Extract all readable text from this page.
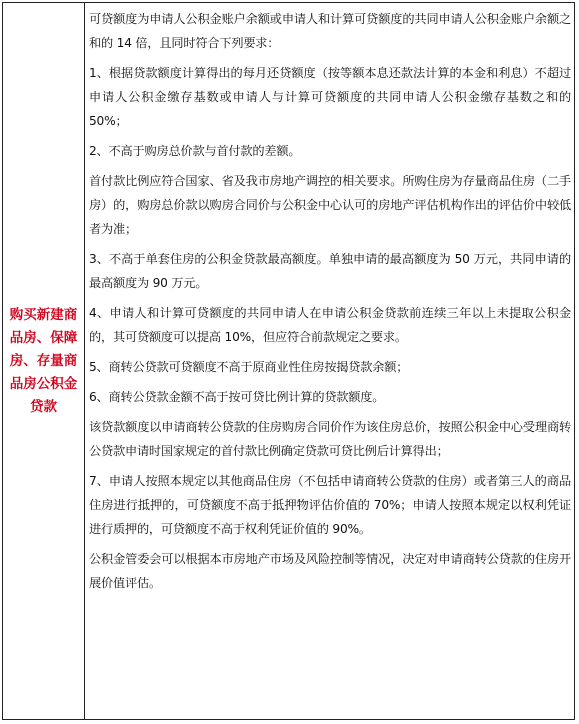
购买新建商品房、保障房、存量商品房公积金贷款

可贷额度为申请人公积金账户余额或申请人和计算可贷额度的共同申请人公积金账户余额之和的 14 倍，且同时符合下列要求：

1、根据贷款额度计算得出的每月还贷额度（按等额本息还款法计算的本金和利息）不超过申请人公积金缴存基数或申请人与计算可贷额度的共同申请人公积金缴存基数之和的 50%；

2、不高于购房总价款与首付款的差额。

首付款比例应符合国家、省及我市房地产调控的相关要求。所购住房为存量商品住房（二手房）的，购房总价款以购房合同价与公积金中心认可的房地产评估机构作出的评估价中较低者为准；

3、不高于单套住房的公积金贷款最高额度。单独申请的最高额度为 50 万元，共同申请的最高额度为 90 万元。

4、申请人和计算可贷额度的共同申请人在申请公积金贷款前连续三年以上未提取公积金的，其可贷额度可以提高 10%，但应符合前款规定之要求。

5、商转公贷款可贷额度不高于原商业性住房按揭贷款余额；

6、商转公贷款金额不高于按可贷比例计算的贷款额度。

该贷款额度以申请商转公贷款的住房购房合同价作为该住房总价，按照公积金中心受理商转公贷款申请时国家规定的首付款比例确定贷款可贷比例后计算得出；

7、申请人按照本规定以其他商品住房（不包括申请商转公贷款的住房）或者第三人的商品住房进行抵押的，可贷额度不高于抵押物评估价值的 70%；申请人按照本规定以权利凭证进行质押的，可贷额度不高于权利凭证价值的 90%。

公积金管委会可以根据本市房地产市场及风险控制等情况，决定对申请商转公贷款的住房开展价值评估。
